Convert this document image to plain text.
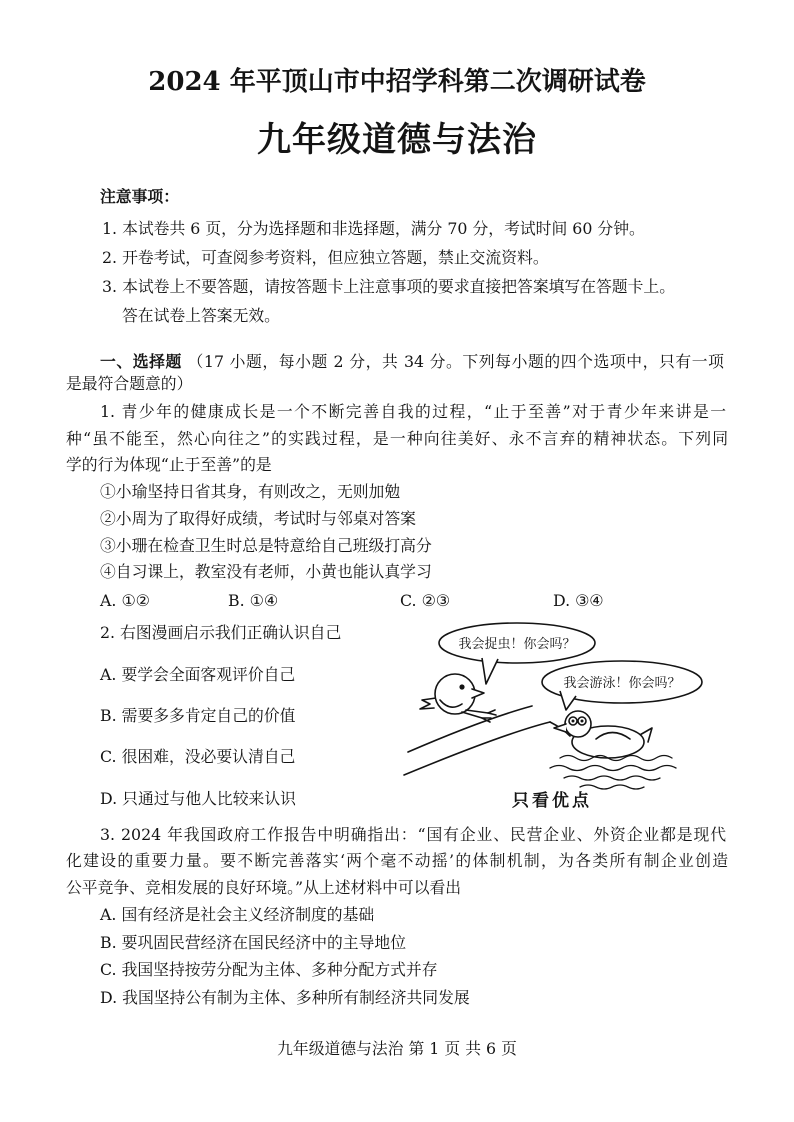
2024 年平顶山市中招学科第二次调研试卷
九年级道德与法治
注意事项：
1. 本试卷共 6 页，分为选择题和非选择题，满分 70 分，考试时间 60 分钟。
2. 开卷考试，可查阅参考资料，但应独立答题，禁止交流资料。
3. 本试卷上不要答题，请按答题卡上注意事项的要求直接把答案填写在答题卡上。
答在试卷上答案无效。
一、选择题 （17 小题，每小题 2 分，共 34 分。下列每小题的四个选项中，只有一项
是最符合题意的）
1. 青少年的健康成长是一个不断完善自我的过程，“止于至善”对于青少年来讲是一
种“虽不能至，然心向往之”的实践过程，是一种向往美好、永不言弃的精神状态。下列同
学的行为体现“止于至善”的是
①小瑜坚持日省其身，有则改之，无则加勉
②小周为了取得好成绩，考试时与邻桌对答案
③小珊在检查卫生时总是特意给自己班级打高分
④自习课上，教室没有老师，小黄也能认真学习
A. ①②	B. ①④	C. ②③	D. ③④
2. 右图漫画启示我们正确认识自己
A. 要学会全面客观评价自己
B. 需要多多肯定自己的价值
C. 很困难，没必要认清自己
D. 只通过与他人比较来认识
我会捉虫！你会吗？
我会游泳！你会吗？
只看优点
3. 2024 年我国政府工作报告中明确指出：“国有企业、民营企业、外资企业都是现代
化建设的重要力量。要不断完善落实‘两个毫不动摇’的体制机制，为各类所有制企业创造
公平竞争、竞相发展的良好环境。”从上述材料中可以看出
A. 国有经济是社会主义经济制度的基础
B. 要巩固民营经济在国民经济中的主导地位
C. 我国坚持按劳分配为主体、多种分配方式并存
D. 我国坚持公有制为主体、多种所有制经济共同发展
九年级道德与法治 第 1 页 共 6 页
